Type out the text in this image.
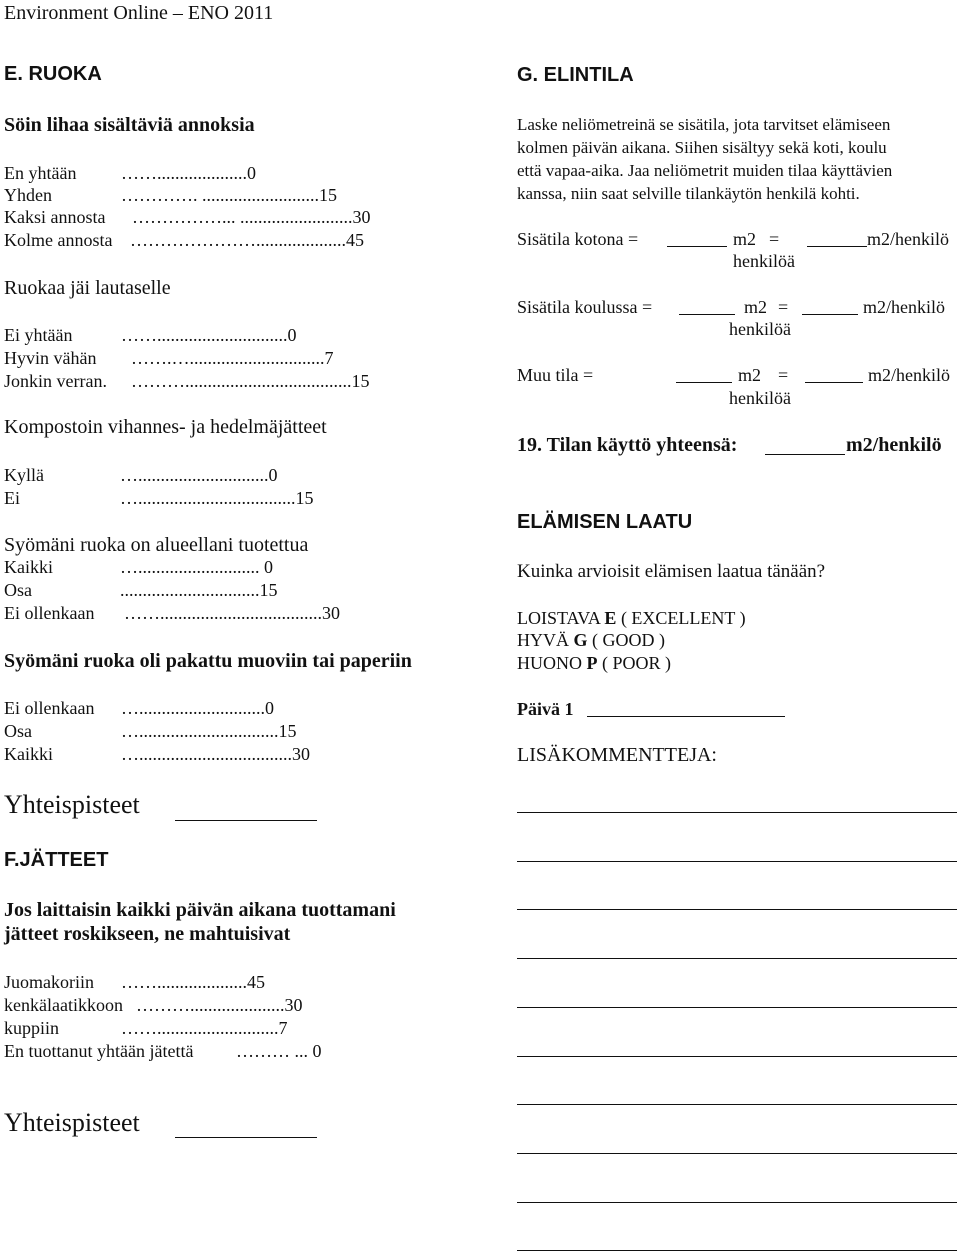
Environment Online – ENO 2011
E. RUOKA
Söin lihaa sisältäviä annoksia
En yhtään ……....................0
Yhden	…………. ..........................15
Kaksi annosta ……………... .........................30
Kolme annosta …………………....................45
Ruokaa jäi lautaselle
Ei yhtään	…….............................0
Hyvin vähän …….…..............................7
Jonkin verran. ……….....................................15
Kompostoin vihannes- ja hedelmäjätteet
Kyllä	….............................0
Ei	…...................................15
Syömäni ruoka on alueellani tuotettua
Kaikki	…........................... 0
Osa	...............................15
Ei ollenkaan ……....................................30
Syömäni ruoka oli pakattu muoviin tai paperiin
Ei ollenkaan …............................0
Osa	…...............................15
Kaikki	…..................................30
Yhteispisteet
F.JÄTTEET
Jos laittaisin kaikki päivän aikana tuottamani
jätteet roskikseen, ne mahtuisivat
Juomakoriin ……....................45
kenkälaatikkoon ……….....................30
kuppiin	……...........................7
En tuottanut yhtään jätettä ……… ... 0
Yhteispisteet
G. ELINTILA
Laske neliömetreinä se sisätila, jota tarvitset elämiseen
kolmen päivän aikana. Siihen sisältyy sekä koti, koulu
että vapaa-aika. Jaa neliömetrit muiden tilaa käyttävien
kanssa, niin saat selville tilankäytön henkilä kohti.
Sisätila kotona =	m2 =	m2/henkilö
henkilöä
Sisätila koulussa =	m2 =	m2/henkilö
henkilöä
Muu tila =	m2 =	m2/henkilö
henkilöä
19. Tilan käyttö yhteensä:	m2/henkilö
ELÄMISEN LAATU
Kuinka arvioisit elämisen laatua tänään?
LOISTAVA E ( EXCELLENT )
HYVÄ G ( GOOD )
HUONO P ( POOR )
Päivä 1
LISÄKOMMENTTEJA:
